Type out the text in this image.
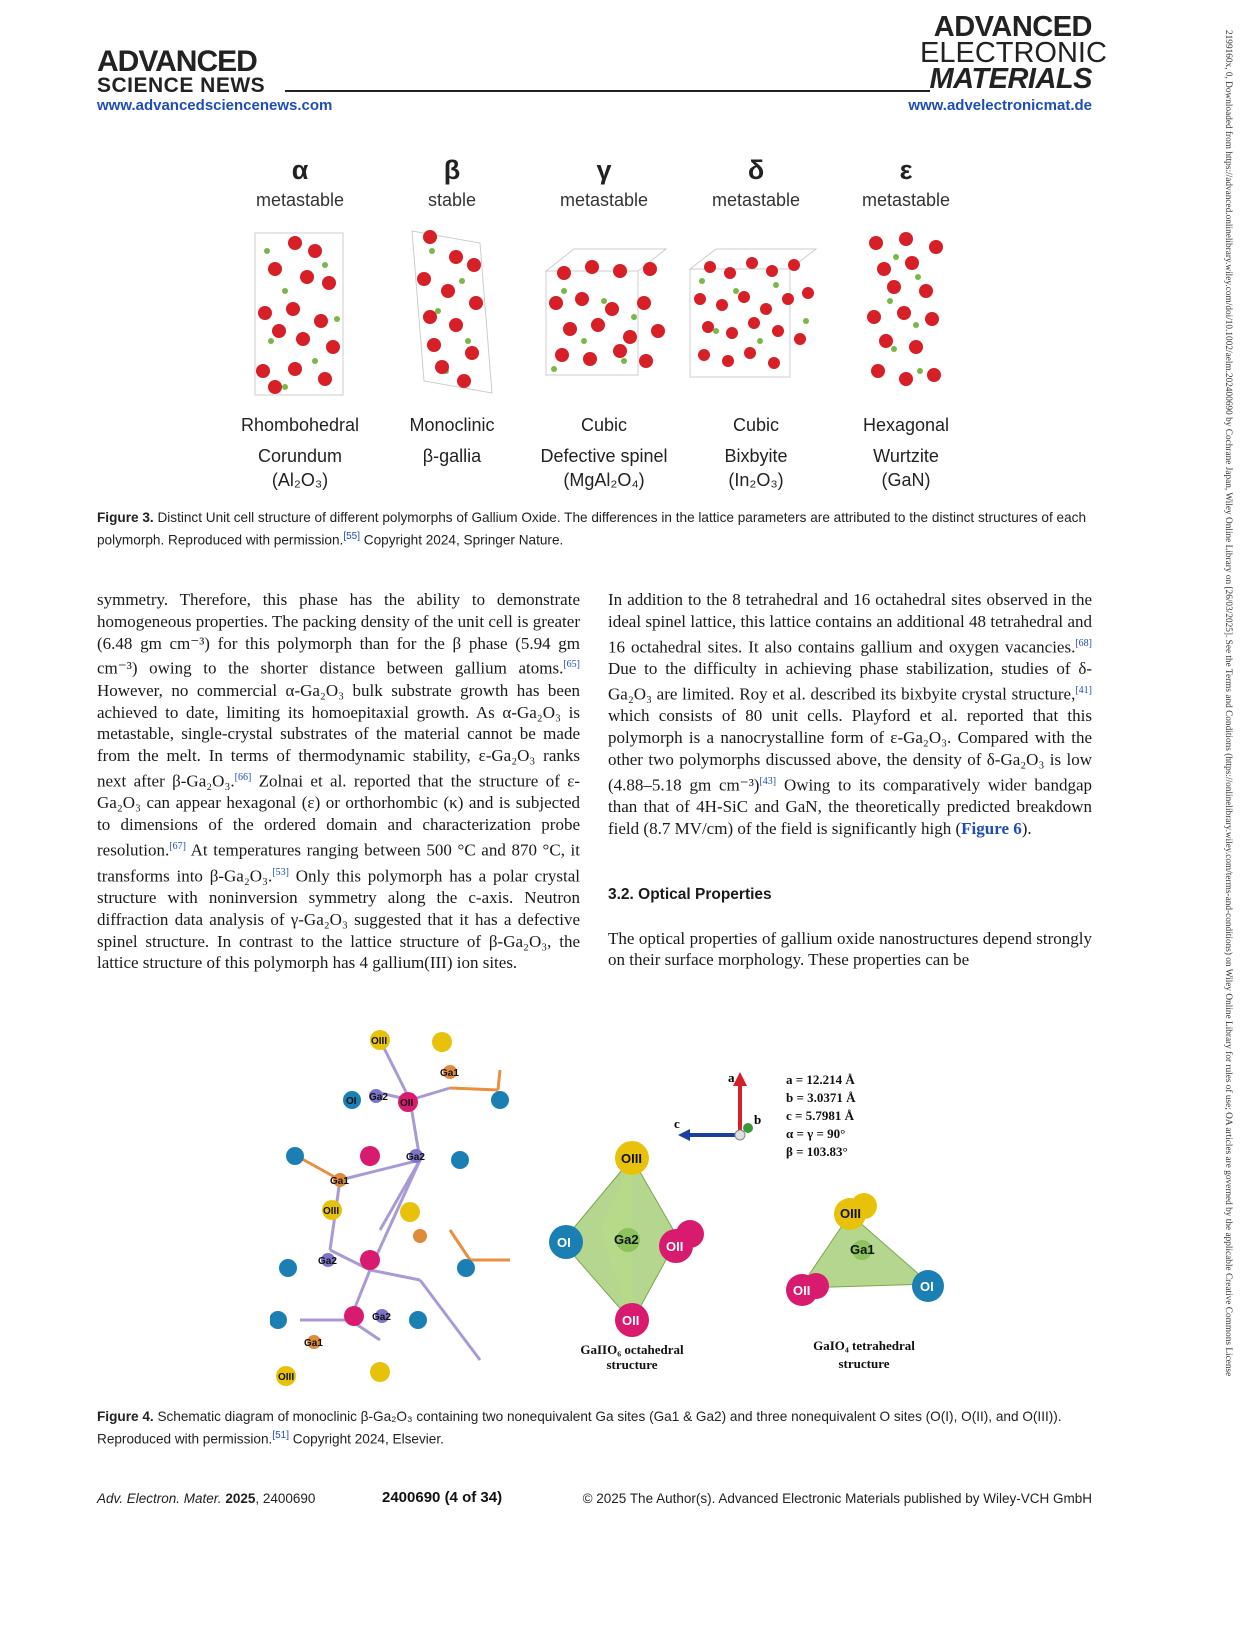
2199160x, 0, Downloaded from https://advanced.onlinelibrary.wiley.com/doi/10.1002/aelm.202400690 by Cochrane Japan, Wiley Online Library on [26/03/2025]. See the Terms and Conditions (https://onlinelibrary.wiley.com/terms-and-conditions) on Wiley Online Library for rules of use; OA articles are governed by the applicable Creative Commons License
ADVANCED
SCIENCE NEWS
ADVANCED
ELECTRONIC
MATERIALS
www.advancedsciencenews.com	www.advelectronicmat.de
α
metastable
Rhombohedral
Corundum
(Al₂O₃)
β
stable
Monoclinic
β-gallia
γ
metastable
Cubic
Defective spinel
(MgAl₂O₄)
δ
metastable
Cubic
Bixbyite
(In₂O₃)
ε
metastable
Hexagonal
Wurtzite
(GaN)
Figure 3. Distinct Unit cell structure of different polymorphs of Gallium Oxide. The differences in the lattice parameters are attributed to the distinct structures of each polymorph. Reproduced with permission.[55] Copyright 2024, Springer Nature.

symmetry. Therefore, this phase has the ability to demonstrate homogeneous properties. The packing density of the unit cell is greater (6.48 gm cm⁻³) for this polymorph than for the β phase (5.94 gm cm⁻³) owing to the shorter distance between gallium atoms.[65] However, no commercial α-Ga₂O₃ bulk substrate growth has been achieved to date, limiting its homoepitaxial growth. As α-Ga₂O₃ is metastable, single-crystal substrates of the material cannot be made from the melt. In terms of thermodynamic stability, ε-Ga₂O₃ ranks next after β-Ga₂O₃.[66] Zolnai et al. reported that the structure of ε-Ga₂O₃ can appear hexagonal (ε) or orthorhombic (κ) and is subjected to dimensions of the ordered domain and characterization probe resolution.[67] At temperatures ranging between 500 °C and 870 °C, it transforms into β-Ga₂O₃.[53] Only this polymorph has a polar crystal structure with noninversion symmetry along the c-axis. Neutron diffraction data analysis of γ-Ga₂O₃ suggested that it has a defective spinel structure. In contrast to the lattice structure of β-Ga₂O₃, the lattice structure of this polymorph has 4 gallium(III) ion sites.

In addition to the 8 tetrahedral and 16 octahedral sites observed in the ideal spinel lattice, this lattice contains an additional 48 tetrahedral and 16 octahedral sites. It also contains gallium and oxygen vacancies.[68] Due to the difficulty in achieving phase stabilization, studies of δ-Ga₂O₃ are limited. Roy et al. described its bixbyite crystal structure,[41] which consists of 80 unit cells. Playford et al. reported that this polymorph is a nanocrystalline form of ε-Ga₂O₃. Compared with the other two polymorphs discussed above, the density of δ-Ga₂O₃ is low (4.88–5.18 gm cm⁻³)[43] Owing to its comparatively wider bandgap than that of 4H-SiC and GaN, the theoretically predicted breakdown field (8.7 MV/cm) of the field is significantly high (Figure 6).

3.2. Optical Properties

The optical properties of gallium oxide nanostructures depend strongly on their surface morphology. These properties can be

OI Ga2
OII
OIII
Ga1
Ga1
OIII
Ga2
Ga2
Ga2
Ga1
OIII
a
b
c
a = 12.214 Å
b = 3.0371 Å
c = 5.7981 Å
α = γ = 90°
β = 103.83°
OIII
OI	OII
OII
Ga2
GaIIO₆ octahedral
structure
OIII
OII	OI
Ga1
GaIO₄ tetrahedral
structure
Figure 4. Schematic diagram of monoclinic β-Ga₂O₃ containing two nonequivalent Ga sites (Ga1 & Ga2) and three nonequivalent O sites (O(I), O(II), and O(III)). Reproduced with permission.[51] Copyright 2024, Elsevier.
Adv. Electron. Mater. 2025, 2400690	2400690 (4 of 34)	© 2025 The Author(s). Advanced Electronic Materials published by Wiley-VCH GmbH
